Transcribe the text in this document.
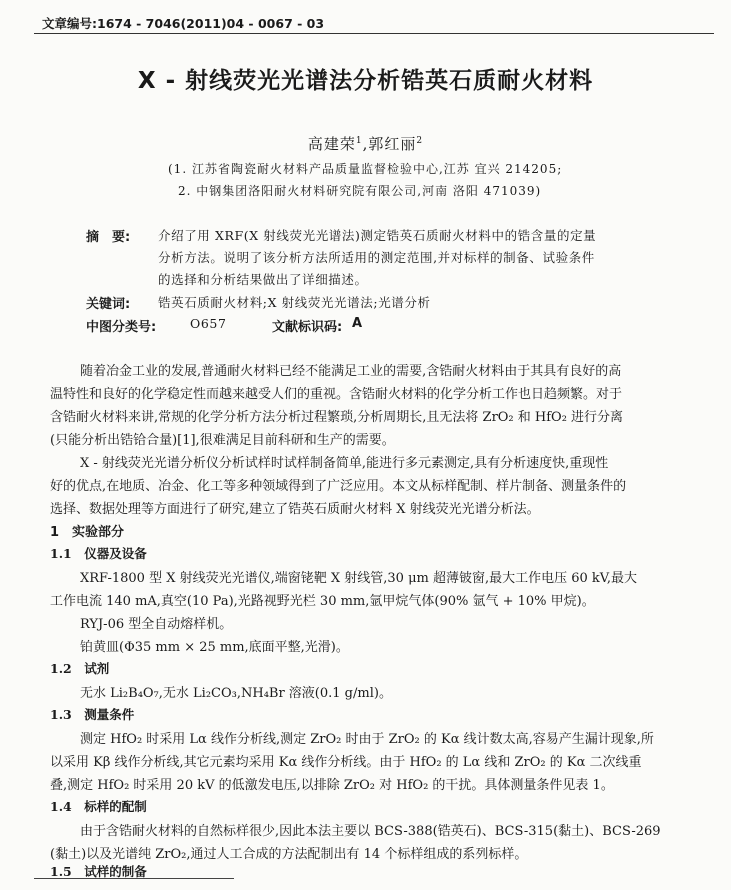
文章编号:1674 - 7046(2011)04 - 0067 - 03
X - 射线荧光光谱法分析锆英石质耐火材料
高建荣$^1$,郭红丽$^2$
(1. 江苏省陶瓷耐火材料产品质量监督检验中心,江苏 宜兴 214205;
2. 中钢集团洛阳耐火材料研究院有限公司,河南 洛阳 471039)
摘　要: 介绍了用 XRF(X 射线荧光光谱法)测定锆英石质耐火材料中的锆含量的定量
分析方法。说明了该分析方法所适用的测定范围,并对标样的制备、试验条件
的选择和分析结果做出了详细描述。
关键词: 锆英石质耐火材料;X 射线荧光光谱法;光谱分析
中图分类号:	O657	文献标识码: A
随着冶金工业的发展,普通耐火材料已经不能满足工业的需要,含锆耐火材料由于其具有良好的高
温特性和良好的化学稳定性而越来越受人们的重视。含锆耐火材料的化学分析工作也日趋频繁。对于
含锆耐火材料来讲,常规的化学分析方法分析过程繁琐,分析周期长,且无法将 ZrO₂ 和 HfO₂ 进行分离
(只能分析出锆铪合量)[1],很难满足目前科研和生产的需要。
X - 射线荧光光谱分析仪分析试样时试样制备简单,能进行多元素测定,具有分析速度快,重现性
好的优点,在地质、冶金、化工等多种领域得到了广泛应用。本文从标样配制、样片制备、测量条件的
选择、数据处理等方面进行了研究,建立了锆英石质耐火材料 X 射线荧光光谱分析法。
1　实验部分
1.1　仪器及设备
XRF-1800 型 X 射线荧光光谱仪,端窗铑靶 X 射线管,30 μm 超薄铍窗,最大工作电压 60 kV,最大
工作电流 140 mA,真空(10 Pa),光路视野光栏 30 mm,氩甲烷气体(90% 氩气 + 10% 甲烷)。
RYJ-06 型全自动熔样机。
铂黄皿(Φ35 mm × 25 mm,底面平整,光滑)。
1.2　试剂
无水 Li₂B₄O₇,无水 Li₂CO₃,NH₄Br 溶液(0.1 g/ml)。
1.3　测量条件
测定 HfO₂ 时采用 Lα 线作分析线,测定 ZrO₂ 时由于 ZrO₂ 的 Kα 线计数太高,容易产生漏计现象,所
以采用 Kβ 线作分析线,其它元素均采用 Kα 线作分析线。由于 HfO₂ 的 Lα 线和 ZrO₂ 的 Kα 二次线重
叠,测定 HfO₂ 时采用 20 kV 的低激发电压,以排除 ZrO₂ 对 HfO₂ 的干扰。具体测量条件见表 1。
1.4　标样的配制
由于含锆耐火材料的自然标样很少,因此本法主要以 BCS-388(锆英石)、BCS-315(黏土)、BCS-269
(黏土)以及光谱纯 ZrO₂,通过人工合成的方法配制出有 14 个标样组成的系列标样。
1.5　试样的制备
